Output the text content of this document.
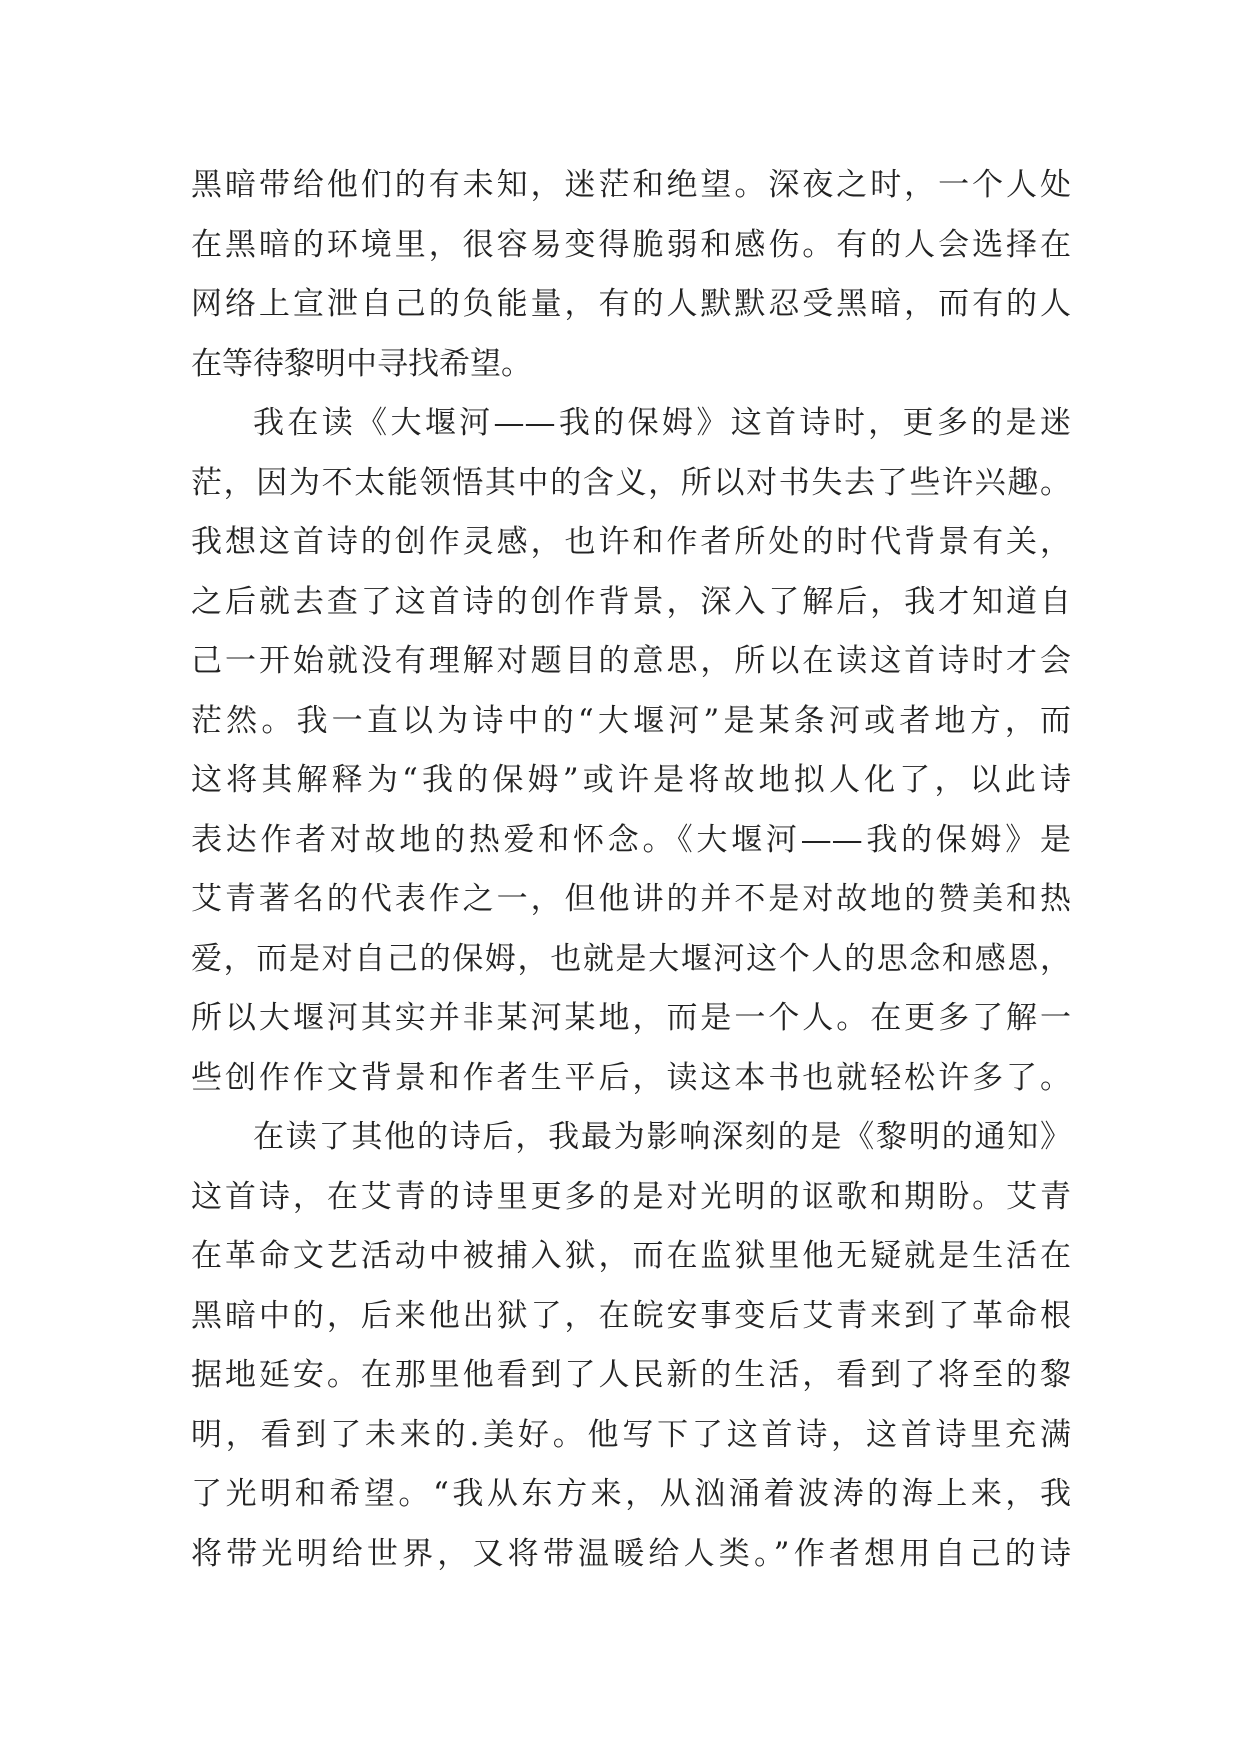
黑暗带给他们的有未知，迷茫和绝望。深夜之时，一个人处
在黑暗的环境里，很容易变得脆弱和感伤。有的人会选择在
网络上宣泄自己的负能量，有的人默默忍受黑暗，而有的人
在等待黎明中寻找希望。
我在读《大堰河——我的保姆》这首诗时，更多的是迷
茫，因为不太能领悟其中的含义，所以对书失去了些许兴趣。
我想这首诗的创作灵感，也许和作者所处的时代背景有关，
之后就去查了这首诗的创作背景，深入了解后，我才知道自
己一开始就没有理解对题目的意思，所以在读这首诗时才会
茫然。我一直以为诗中的“大堰河”是某条河或者地方，而
这将其解释为“我的保姆”或许是将故地拟人化了，以此诗
表达作者对故地的热爱和怀念。《大堰河——我的保姆》是
艾青著名的代表作之一，但他讲的并不是对故地的赞美和热
爱，而是对自己的保姆，也就是大堰河这个人的思念和感恩，
所以大堰河其实并非某河某地，而是一个人。在更多了解一
些创作作文背景和作者生平后，读这本书也就轻松许多了。
在读了其他的诗后，我最为影响深刻的是《黎明的通知》
这首诗，在艾青的诗里更多的是对光明的讴歌和期盼。艾青
在革命文艺活动中被捕入狱，而在监狱里他无疑就是生活在
黑暗中的，后来他出狱了，在皖安事变后艾青来到了革命根
据地延安。在那里他看到了人民新的生活，看到了将至的黎
明，看到了未来的.美好。他写下了这首诗，这首诗里充满
了光明和希望。“我从东方来，从汹涌着波涛的海上来，我
将带光明给世界，又将带温暖给人类。”作者想用自己的诗
